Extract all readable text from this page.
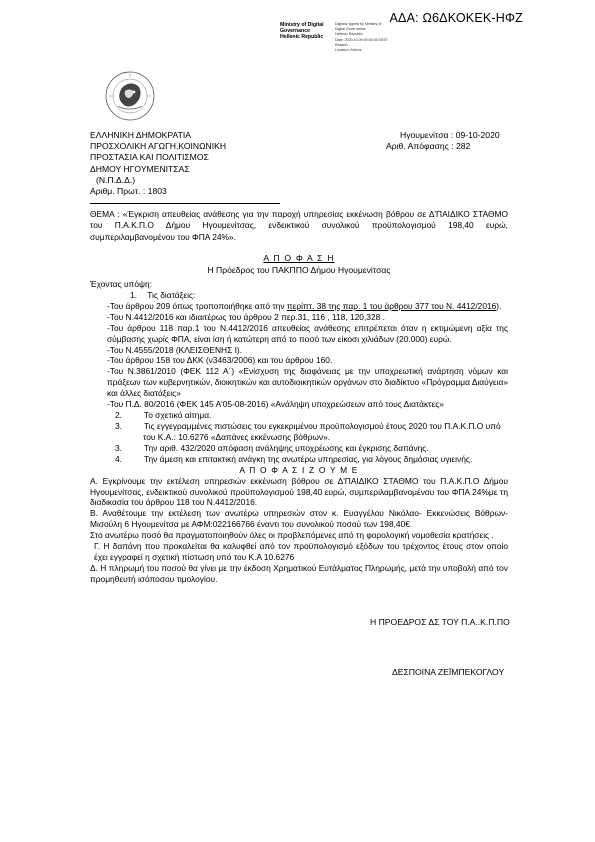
ΑΔΑ: Ω6ΔΚΟΚΕΚ-ΗΦΖ
Ministry of Digital
Governance
Hellenic Republic

Digitally signed by Ministry of
Digital Governance,
Hellenic Republic
Date: 2020.10.09 09:59:36 EEST
Reason:
Location: Athens
ΕΛΛΗΝΙΚΗ ΔΗΜΟΚΡΑΤΙΑ
ΠΡΟΣΧΟΛΙΚΗ ΑΓΩΓΗ,ΚΟΙΝΩΝΙΚΗ
ΠΡΟΣΤΑΣΙΑ ΚΑΙ ΠΟΛΙΤΙΣΜΟΣ
ΔΗΜΟΥ ΗΓΟΥΜΕΝΙΤΣΑΣ
(Ν.Π.Δ.Δ.)
Αριθμ. Πρωτ. : 1803
Ηγουμενίτσα : 09-10-2020
Αριθ. Απόφασης : 282
ΘΕΜΑ : «Έγκριση απευθείας ανάθεσης για την παροχή υπηρεσίας εκκένωση βόθρου σε Δ'ΠΑΙΔΙΚΟ ΣΤΑΘΜΟ του Π.Α.Κ.Π.Ο Δήμου Ηγουμενίτσας, ενδεικτικού συνολικού προϋπολογισμού 198,40 ευρώ, συμπεριλαμβανομένου του ΦΠΑ 24%».
Α Π Ο Φ Α Σ Η
Η Πρόεδρος του ΠΑΚΠΠΟ Δήμου Ηγουμενίτσας

Έχοντας υπόψη:

1. Τις διατάξεις:

-Του άρθρου 209 όπως τροποποιήθηκε από την περίπτ. 38 της παρ. 1 του άρθρου 377 του Ν. 4412/2016).

-Του Ν.4412/2016 και ιδιαιτέρως του άρθρου 2 περ.31, 116 , 118, 120,328 .

-Του άρθρου 118 παρ.1 του Ν.4412/2016 απευθείας ανάθεσης επιτρέπεται όταν η εκτιμώμενη αξία της σύμβασης χωρίς ΦΠΑ, είναι ίση ή κατώτερη από το ποσό των είκοσι χιλιάδων (20.000) ευρώ.

-Του Ν.4555/2018 (ΚΛΕΙΣΘΕΝΗΣ Ι).

-Του άρθρου 158 του ΔΚΚ (ν3463/2006) και του άρθρου 160.

-Του Ν.3861/2010 (ΦΕΚ 112 Α΄) «Ενίσχυση της διαφάνειας με την υποχρεωτική ανάρτηση νόμων και πράξεων των κυβερνητικών, διοικητικών και αυτοδιοικητικών οργάνων στο διαδίκτυο «Πρόγραμμα Διαύγεια» και άλλες διατάξεις»

-Του Π.Δ. 80/2016 (ΦΕΚ 145 Α'05-08-2016) «Ανάληψη υποχρεώσεων από τους Διατάκτες»

2.	Το σχετικό αίτημα.
3.	Τις εγγεγραμμένες πιστώσεις του εγκεκριμένου προϋπολογισμού έτους 2020 του Π.Α.Κ.Π.Ο υπό του Κ.Α.: 10.6276 «Δαπάνες εκκένωσης βόθρων».
3.	Την αριθ. 432/2020 απόφαση ανάληψης υποχρέωσης και έγκρισης δαπάνης.
4.	Την άμεση και επιτακτική ανάγκη της ανωτέρω υπηρεσίας, για λόγους δημόσιας υγιεινής.

Α Π Ο Φ Α Σ Ι Ζ Ο Υ Μ Ε

Α. Εγκρίνουμε την εκτέλεση υπηρεσιών εκκένωση βόθρου σε Δ'ΠΑΙΔΙΚΟ ΣΤΑΘΜΟ του Π.Α.Κ.Π.Ο Δήμου Ηγουμενίτσας, ενδεικτικού συνολικού προϋπολογισμού 198,40 ευρώ, συμπεριλαμβανομένου του ΦΠΑ 24%με τη διαδικασία του άρθρου 118 του Ν.4412/2016.

Β. Αναθέτουμε την εκτέλεση των ανωτέρω υπηρεσιών στον κ. Ευαγγέλου Νικόλαο- Εκκενώσεις Βόθρων-Μισούλη 6 Ηγουμενίτσα με ΑΦΜ:022166766 έναντι του συνολικού ποσού των 198,40€.

Στο ανωτέρω ποσό θα πραγματοποιηθούν όλες οι προβλεπόμενες από τη φορολογική νομοθεσία κρατήσεις .

Γ. Η δαπάνη που προκαλείται θα καλυφθεί από τον προϋπολογισμό εξόδων του τρέχοντος έτους στον οποίο έχει εγγραφεί η σχετική πίστωση υπό του Κ.Α 10.6276

Δ. Η πληρωμή του ποσού θα γίνει με την έκδοση Χρηματικού Ευτάλματος Πληρωμής, μετά την υποβολή από τον προμηθευτή ισόποσου τιμολογίου.

Η ΠΡΟΕΔΡΟΣ ΔΣ ΤΟΥ Π.Α..Κ.Π.ΠΟ
ΔΕΣΠΟΙΝΑ ΖΕΪΜΠΕΚΟΓΛΟΥ
